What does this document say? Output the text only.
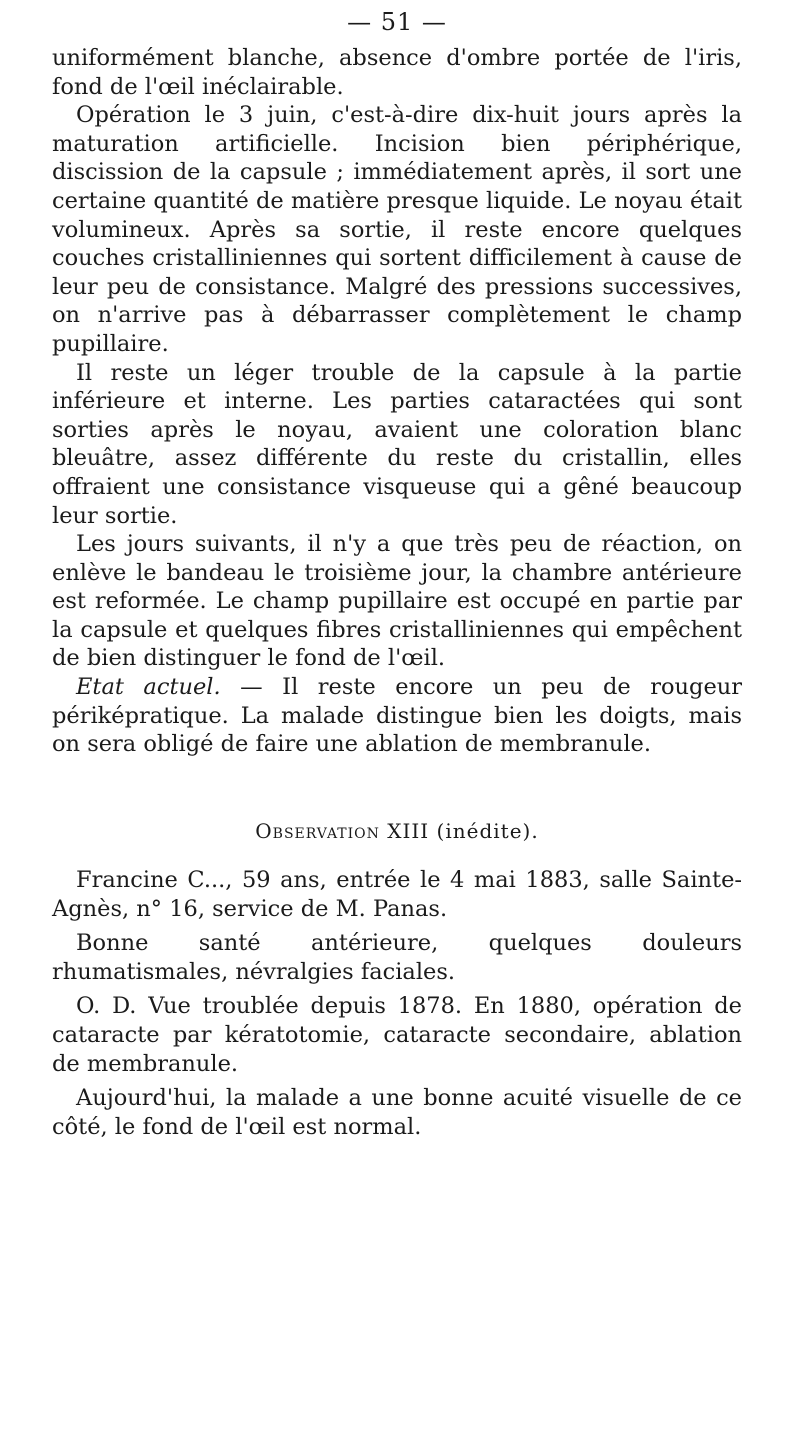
— 51 —

uniformément blanche, absence d'ombre portée de l'iris, fond de l'œil inéclairable.

Opération le 3 juin, c'est-à-dire dix-huit jours après la maturation artificielle. Incision bien périphérique, discission de la capsule ; immédiatement après, il sort une certaine quantité de matière presque liquide. Le noyau était volumineux. Après sa sortie, il reste encore quelques couches cristalliniennes qui sortent difficilement à cause de leur peu de consistance. Malgré des pressions successives, on n'arrive pas à débarrasser complètement le champ pupillaire.

Il reste un léger trouble de la capsule à la partie inférieure et interne. Les parties cataractées qui sont sorties après le noyau, avaient une coloration blanc bleuâtre, assez différente du reste du cristallin, elles offraient une consistance visqueuse qui a gêné beaucoup leur sortie.

Les jours suivants, il n'y a que très peu de réaction, on enlève le bandeau le troisième jour, la chambre antérieure est reformée. Le champ pupillaire est occupé en partie par la capsule et quelques fibres cristalliniennes qui empêchent de bien distinguer le fond de l'œil.

Etat actuel. — Il reste encore un peu de rougeur périképratique. La malade distingue bien les doigts, mais on sera obligé de faire une ablation de membranule.

Observation XIII (inédite).

Francine C..., 59 ans, entrée le 4 mai 1883, salle Sainte-Agnès, n° 16, service de M. Panas.

Bonne santé antérieure, quelques douleurs rhumatismales, névralgies faciales.

O. D. Vue troublée depuis 1878. En 1880, opération de cataracte par kératotomie, cataracte secondaire, ablation de membranule.

Aujourd'hui, la malade a une bonne acuité visuelle de ce côté, le fond de l'œil est normal.
